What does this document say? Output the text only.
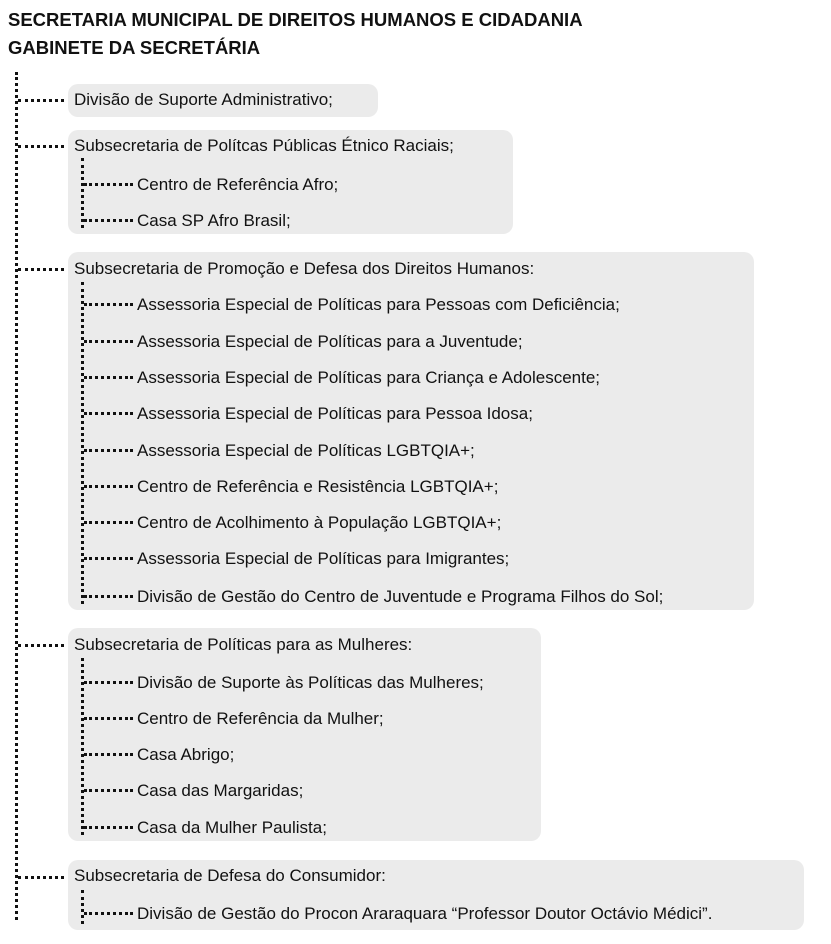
SECRETARIA MUNICIPAL DE DIREITOS HUMANOS E CIDADANIA
GABINETE DA SECRETÁRIA
Divisão de Suporte Administrativo;
Subsecretaria de Polítcas Públicas Étnico Raciais;
Centro de Referência Afro;
Casa SP Afro Brasil;
Subsecretaria de Promoção e Defesa dos Direitos Humanos:
Assessoria Especial de Políticas para Pessoas com Deficiência;
Assessoria Especial de Políticas para a Juventude;
Assessoria Especial de Políticas para Criança e Adolescente;
Assessoria Especial de Políticas para Pessoa Idosa;
Assessoria Especial de Políticas LGBTQIA+;
Centro de Referência e Resistência LGBTQIA+;
Centro de Acolhimento à População LGBTQIA+;
Assessoria Especial de Políticas para Imigrantes;
Divisão de Gestão do Centro de Juventude e Programa Filhos do Sol;
Subsecretaria de Políticas para as Mulheres:
Divisão de Suporte às Políticas das Mulheres;
Centro de Referência da Mulher;
Casa Abrigo;
Casa das Margaridas;
Casa da Mulher Paulista;
Subsecretaria de Defesa do Consumidor:
Divisão de Gestão do Procon Araraquara “Professor Doutor Octávio Médici”.
